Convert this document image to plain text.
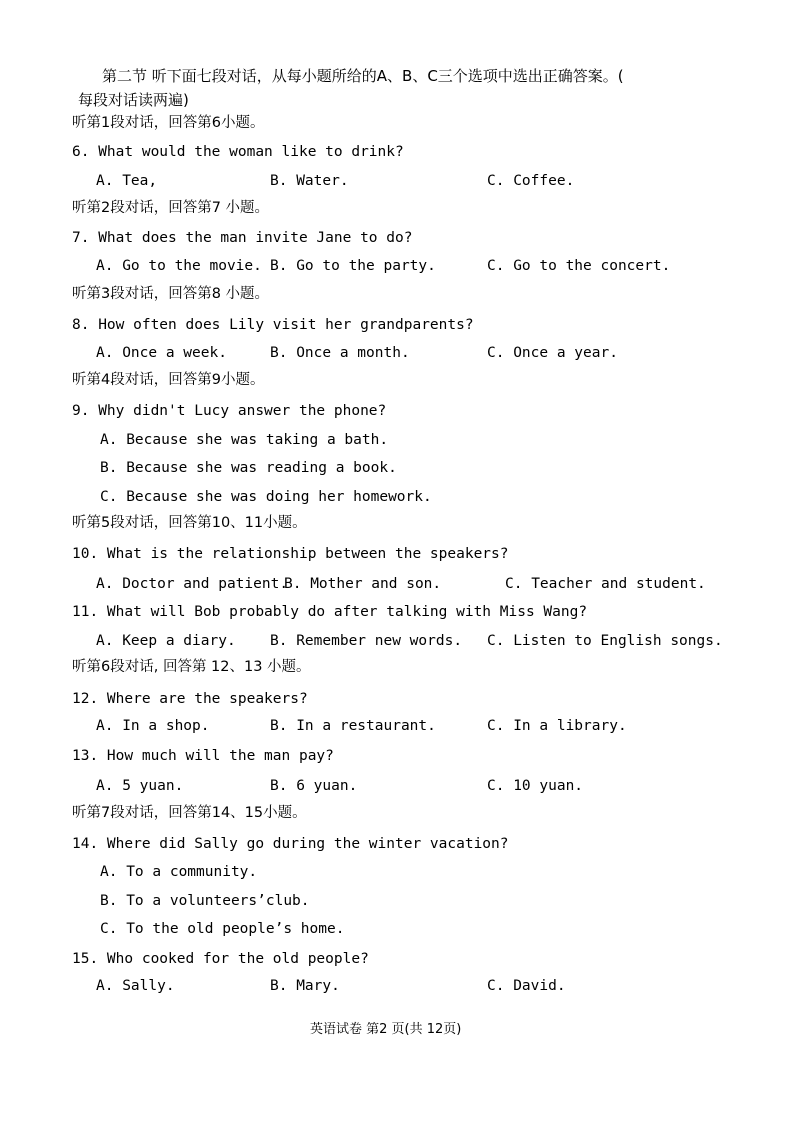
第二节 听下面七段对话，从每小题所给的A、B、C三个选项中选出正确答案。(
每段对话读两遍)
听第1段对话，回答第6小题。
6. What would the woman like to drink?
A. Tea,	B. Water.	C. Coffee.
听第2段对话，回答第7 小题。
7. What does the man invite Jane to do?
A. Go to the movie. B. Go to the party.	C. Go to the concert.
听第3段对话，回答第8 小题。
8. How often does Lily visit her grandparents?
A. Once a week.	B. Once a month.	C. Once a year.
听第4段对话，回答第9小题。
9. Why didn't Lucy answer the phone?
A. Because she was taking a bath.
B. Because she was reading a book.
C. Because she was doing her homework.
听第5段对话，回答第10、11小题。
10. What is the relationship between the speakers?
A. Doctor and patient.
B. Mother and son.	C. Teacher and student.
11. What will Bob probably do after talking with Miss Wang?
A. Keep a diary. B. Remember new words. C. Listen to English songs.
听第6段对话, 回答第 12、13 小题。
12. Where are the speakers?
A. In a shop.	B. In a restaurant.	C. In a library.
13. How much will the man pay?
A. 5 yuan.	B. 6 yuan.	C. 10 yuan.
听第7段对话，回答第14、15小题。
14. Where did Sally go during the winter vacation?
A. To a community.
B. To a volunteers’club.
C. To the old people’s home.
15. Who cooked for the old people?
A. Sally.	B. Mary.	C. David.
英语试卷 第2 页(共 12页)
